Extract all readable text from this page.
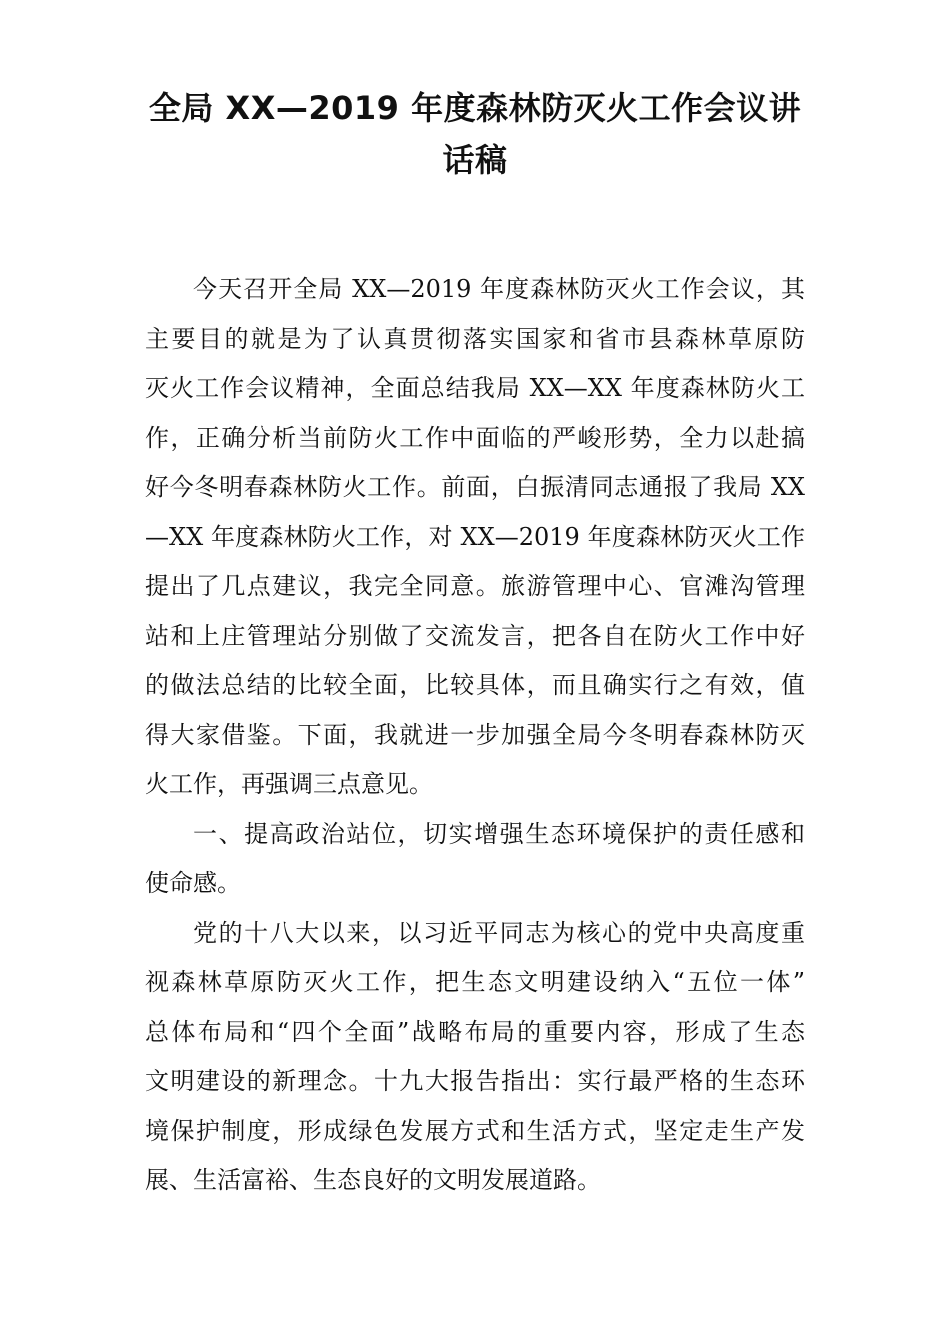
全局 XX—2019 年度森林防灭火工作会议讲
话稿

今天召开全局 XX—2019 年度森林防灭火工作会议，其
主要目的就是为了认真贯彻落实国家和省市县森林草原防
灭火工作会议精神，全面总结我局 XX—XX 年度森林防火工
作，正确分析当前防火工作中面临的严峻形势，全力以赴搞
好今冬明春森林防火工作。前面，白振清同志通报了我局 XX
—XX 年度森林防火工作，对 XX—2019 年度森林防灭火工作
提出了几点建议，我完全同意。旅游管理中心、官滩沟管理
站和上庄管理站分别做了交流发言，把各自在防火工作中好
的做法总结的比较全面，比较具体，而且确实行之有效，值
得大家借鉴。下面，我就进一步加强全局今冬明春森林防灭
火工作，再强调三点意见。

一、提高政治站位，切实增强生态环境保护的责任感和
使命感。

党的十八大以来，以习近平同志为核心的党中央高度重
视森林草原防灭火工作，把生态文明建设纳入“五位一体”
总体布局和“四个全面”战略布局的重要内容，形成了生态
文明建设的新理念。十九大报告指出：实行最严格的生态环
境保护制度，形成绿色发展方式和生活方式，坚定走生产发
展、生活富裕、生态良好的文明发展道路。
